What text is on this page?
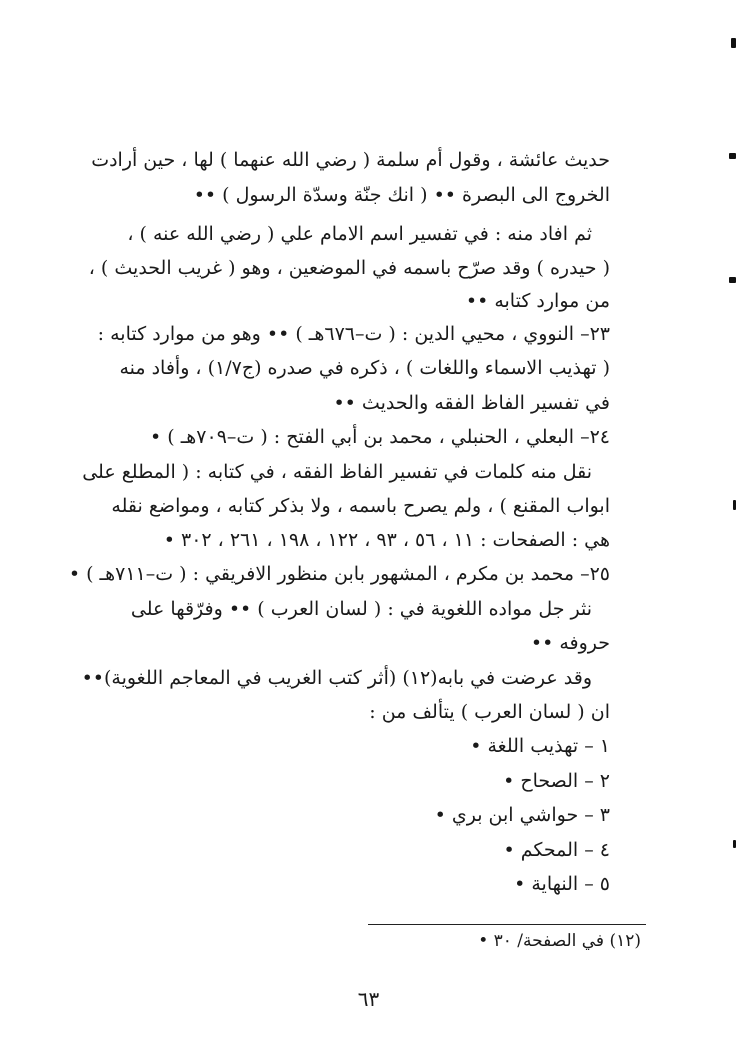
حديث عائشة ، وقول أم سلمة ( رضي الله عنهما ) لها ، حين أرادت
الخروج الى البصرة •• ( انك جنّة وسدّة الرسول ) ••
ثم افاد منه : في تفسير اسم الامام علي ( رضي الله عنه ) ،
( حيدره ) وقد صرّح باسمه في الموضعين ، وهو ( غريب الحديث ) ،
من موارد كتابه ••
٢٣– النووي ، محيي الدين : ( ت–٦٧٦هـ ) •• وهو من موارد كتابه :
( تهذيب الاسماء واللغات ) ، ذكره في صدره (ج١/٧) ، وأفاد منه
في تفسير الفاظ الفقه والحديث ••
٢٤– البعلي ، الحنبلي ، محمد بن أبي الفتح : ( ت–٧٠٩هـ ) •
نقل منه كلمات في تفسير الفاظ الفقه ، في كتابه : ( المطلع على
ابواب المقنع ) ، ولم يصرح باسمه ، ولا بذكر كتابه ، ومواضع نقله
هي : الصفحات : ١١ ، ٥٦ ، ٩٣ ، ١٢٢ ، ١٩٨ ، ٢٦١ ، ٣٠٢ •
٢٥– محمد بن مكرم ، المشهور بابن منظور الافريقي : ( ت–٧١١هـ ) •
نثر جل مواده اللغوية في : ( لسان العرب ) •• وفرّقها على
حروفه ••
وقد عرضت في بابه(١٢) (أثر كتب الغريب في المعاجم اللغوية)••
ان ( لسان العرب ) يتألف من :
١ – تهذيب اللغة •
٢ – الصحاح •
٣ – حواشي ابن بري •
٤ – المحكم •
٥ – النهاية •
(١٢) في الصفحة/ ٣٠ •
٦٣
